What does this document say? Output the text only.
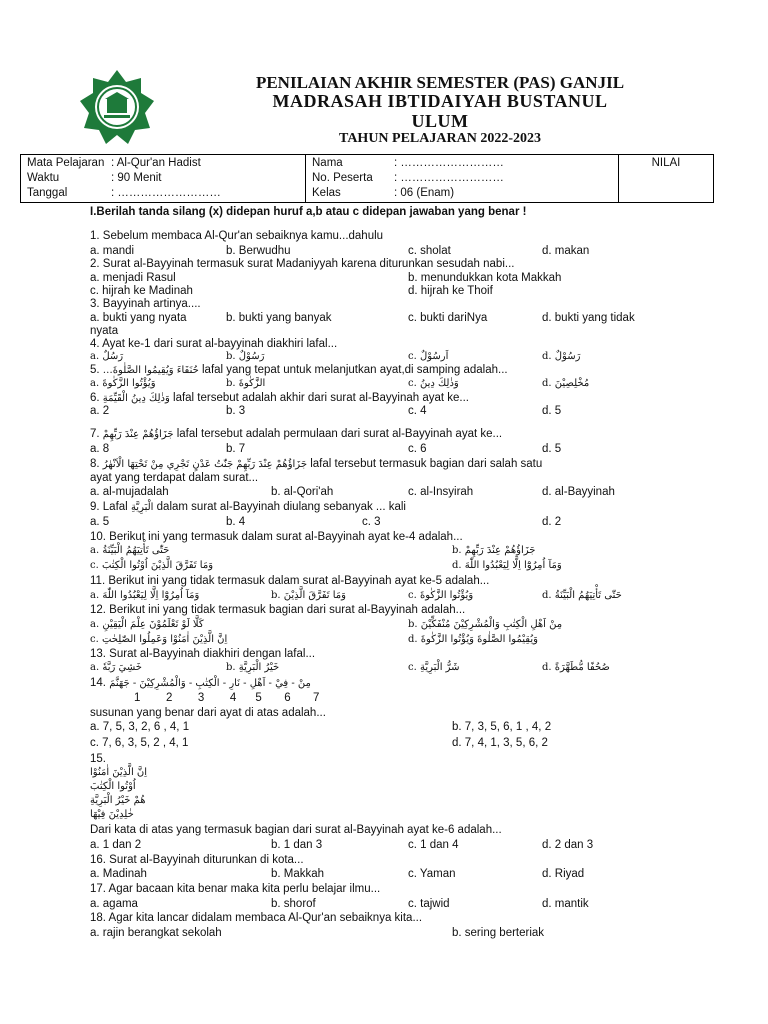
PENILAIAN AKHIR SEMESTER (PAS) GANJIL
MADRASAH IBTIDAIYAH BUSTANUL
ULUM
TAHUN PELAJARAN 2022-2023
Mata Pelajaran : Al-Qur'an Hadist
Waktu	: 90 Menit
Tanggal	: ………………………

Nama	: ………………………
No. Peserta	: ………………………
Kelas	: 06 (Enam)
	NILAI
I.Berilah tanda silang (x) didepan huruf a,b atau c didepan jawaban yang benar !
1. Sebelum membaca Al-Qur'an sebaiknya kamu...dahulu
a. mandi	b. Berwudhu	c. sholat	d. makan
2. Surat al-Bayyinah termasuk surat Madaniyyah karena diturunkan sesudah nabi...
a. menjadi Rasul	b. menundukkan kota Makkah
c. hijrah ke Madinah	d. hijrah ke Thoif
3. Bayyinah artinya....
a. bukti yang nyata	b. bukti yang banyak	c. bukti dariNya	d. bukti yang tidak
nyata
4. Ayat ke-1 dari surat al-bayyinah diakhiri lafal...
a. رَسُلٌ	b. رَسُوْلٌ	c. اَرسُوْلٌ	d. رَسُوْلٌ
5. …حُنَفَاءَ وَيُقِيمُوا الصَّلٰوةَ lafal yang tepat untuk melanjutkan ayat,di samping adalah...
a. وَيُؤْتُوا الزَّكٰوةَ	b. الزَّكٰوةَ	c. وَذٰلِكَ دِينُ	d. مُخْلِصِيْنَ
6. وَذٰلِكَ دِينُ الْقَيِّمَةِ lafal tersebut adalah akhir dari surat al-Bayyinah ayat ke...
a. 2	b. 3	c. 4	d. 5
7. جَزَاؤُهُمْ عِنْدَ رَبِّهِمْ lafal tersebut adalah permulaan dari surat al-Bayyinah ayat ke...
a. 8	b. 7	c. 6	d. 5
8. جَزَاؤُهُمْ عِنْدَ رَبِّهِمْ جَنّٰتُ عَدْنٍ تَجْرِي مِنْ تَحْتِهَا الْاَنْهٰرُ lafal tersebut termasuk bagian dari salah satu
ayat yang terdapat dalam surat...
a. al-mujadalah	b. al-Qori'ah	c. al-Insyirah	d. al-Bayyinah
9. Lafal الْبَرِيَّةِ dalam surat al-Bayyinah diulang sebanyak ... kali
a. 5	b. 4	c. 3	d. 2
10. Berikut ini yang termasuk dalam surat al-Bayyinah ayat ke-4 adalah...
a. حَتّٰى تَأْتِيَهُمُ الْبَيِّنَةُ	b. جَزَاؤُهُمْ عِنْدَ رَبِّهِمْ
c. وَمَا تَفَرَّقَ الَّذِيْنَ اُوْتُوا الْكِتٰبَ	d. وَمَآ اُمِرُوْٓا اِلَّا لِيَعْبُدُوا اللّٰهَ
11. Berikut ini yang tidak termasuk dalam surat al-Bayyinah ayat ke-5 adalah...
a. وَمَآ اُمِرُوْٓا اِلَّا لِيَعْبُدُوا اللّٰهَ	b. وَمَا تَفَرَّقَ الَّذِيْنَ	c. وَيُؤْتُوا الزَّكٰوةَ	d. حَتّٰى تَأْتِيَهُمُ الْبَيِّنَةُ
12. Berikut ini yang tidak termasuk bagian dari surat al-Bayyinah adalah...
a. كَلَّا لَوْ تَعْلَمُوْنَ عِلْمَ الْيَقِيْنِ	b. مِنْ اَهْلِ الْكِتٰبِ وَالْمُشْرِكِيْنَ مُنْفَكِّيْنَ
c. اِنَّ الَّذِيْنَ اٰمَنُوْا وَعَمِلُوا الصّٰلِحٰتِ	d. وَيُقِيْمُوا الصَّلٰوةَ وَيُؤْتُوا الزَّكٰوةَ
13. Surat al-Bayyinah diakhiri dengan lafal...
a. خَشِيَ رَبَّهٗ	b. خَيْرُ الْبَرِيَّةِ	c. شَرُّ الْبَرِيَّةِ	d. صُحُفًا مُّطَهَّرَةً
14. مِنْ - فِيْ - اَهْلِ - نَارِ - الْكِتٰبِ - وَالْمُشْرِكِيْنَ - جَهَنَّمَ
1        2        3        4      5       6       7
susunan yang benar dari ayat di atas adalah...
a. 7, 5, 3, 2, 6 , 4, 1	b. 7, 3, 5, 6, 1 , 4, 2
c. 7, 6, 3, 5, 2 , 4, 1	d. 7, 4, 1, 3, 5, 6, 2
15.
اِنَّ الَّذِيْنَ اٰمَنُوْا
اُوْتُوا الْكِتٰبَ
هُمْ خَيْرُ الْبَرِيَّةِ
خٰلِدِيْنَ فِيْهَا
Dari kata di atas yang termasuk bagian dari surat al-Bayyinah ayat ke-6 adalah...
a. 1 dan 2	b. 1 dan 3	c. 1 dan 4	d. 2 dan 3
16. Surat al-Bayyinah diturunkan di kota...
a. Madinah	b. Makkah	c. Yaman	d. Riyad
17. Agar bacaan kita benar maka kita perlu belajar ilmu...
a. agama	b. shorof	c. tajwid	d. mantik
18. Agar kita lancar didalam membaca Al-Qur'an sebaiknya kita...
a. rajin berangkat sekolah	b. sering berteriak
